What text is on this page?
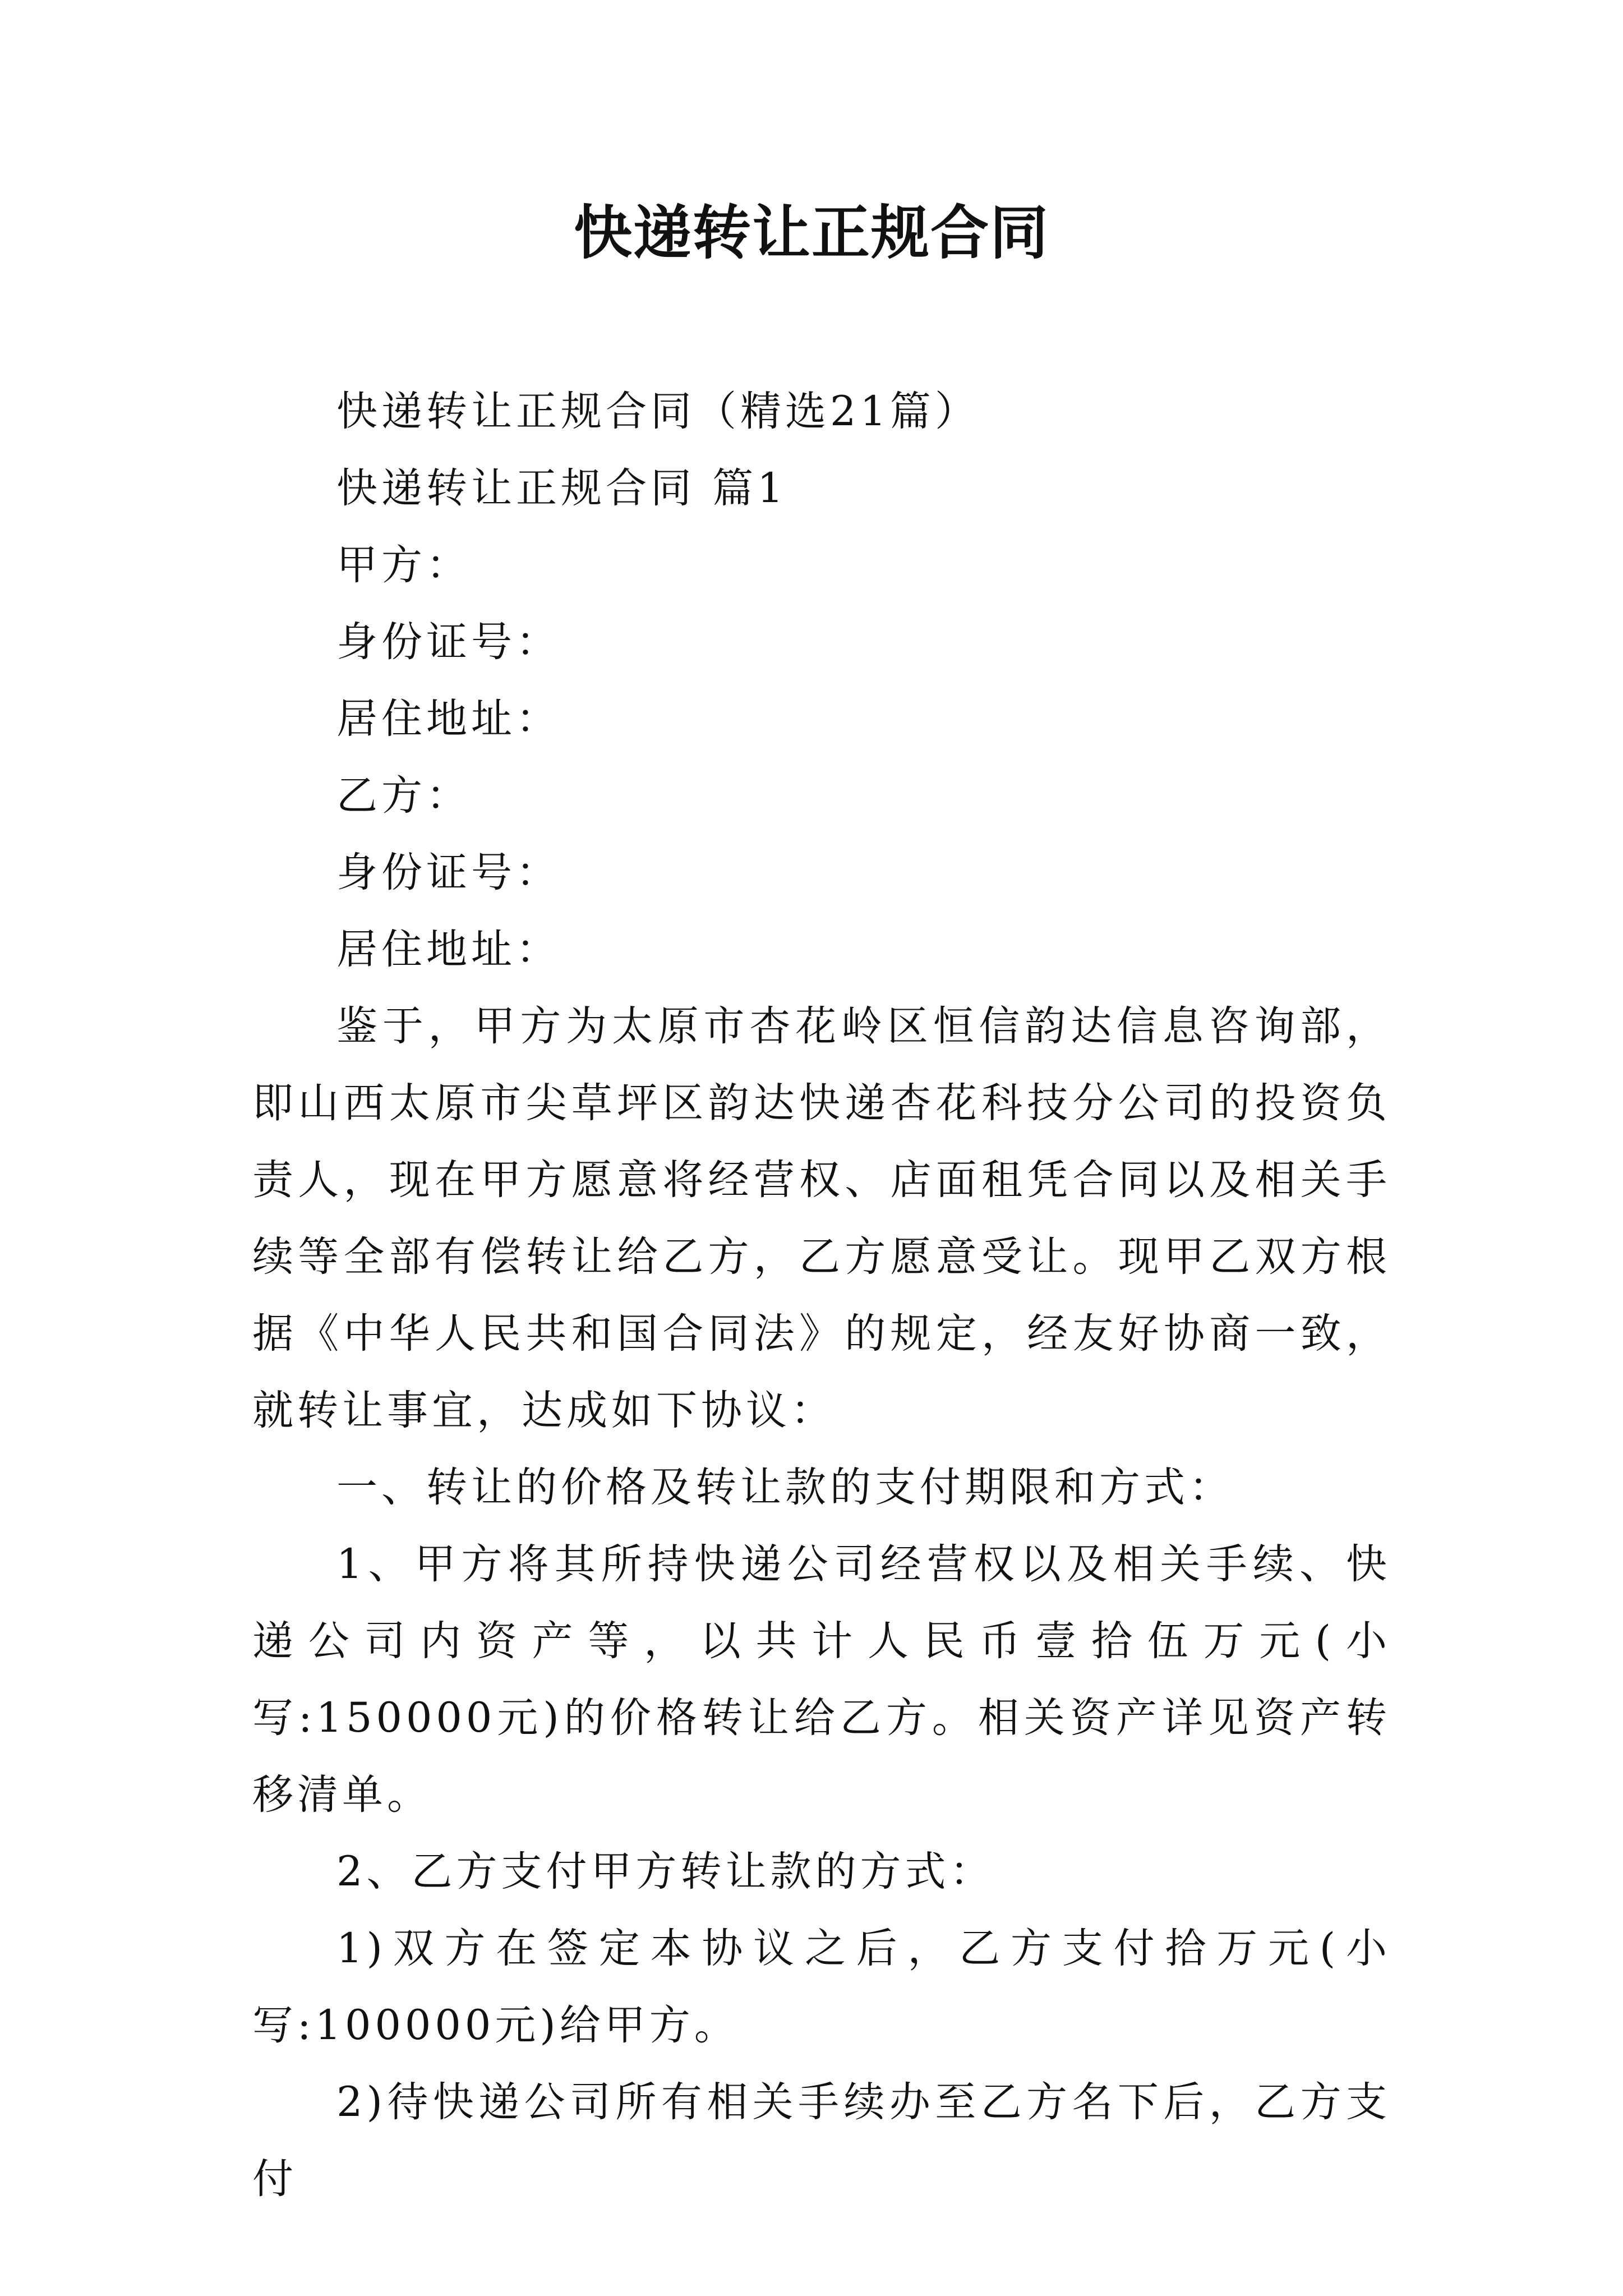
快递转让正规合同

快递转让正规合同（精选21篇）

快递转让正规合同 篇1

甲方：

身份证号：

居住地址：

乙方：

身份证号：

居住地址：

鉴于，甲方为太原市杏花岭区恒信韵达信息咨询部，即山西太原市尖草坪区韵达快递杏花科技分公司的投资负责人，现在甲方愿意将经营权、店面租凭合同以及相关手续等全部有偿转让给乙方，乙方愿意受让。现甲乙双方根据《中华人民共和国合同法》的规定，经友好协商一致，就转让事宜，达成如下协议：

一、转让的价格及转让款的支付期限和方式：

1、甲方将其所持快递公司经营权以及相关手续、快递公司内资产等，以共计人民币壹拾伍万元(小写:150000元)的价格转让给乙方。相关资产详见资产转移清单。

2、乙方支付甲方转让款的方式：

1)双方在签定本协议之后，乙方支付拾万元(小写:100000元)给甲方。

2)待快递公司所有相关手续办至乙方名下后，乙方支付
